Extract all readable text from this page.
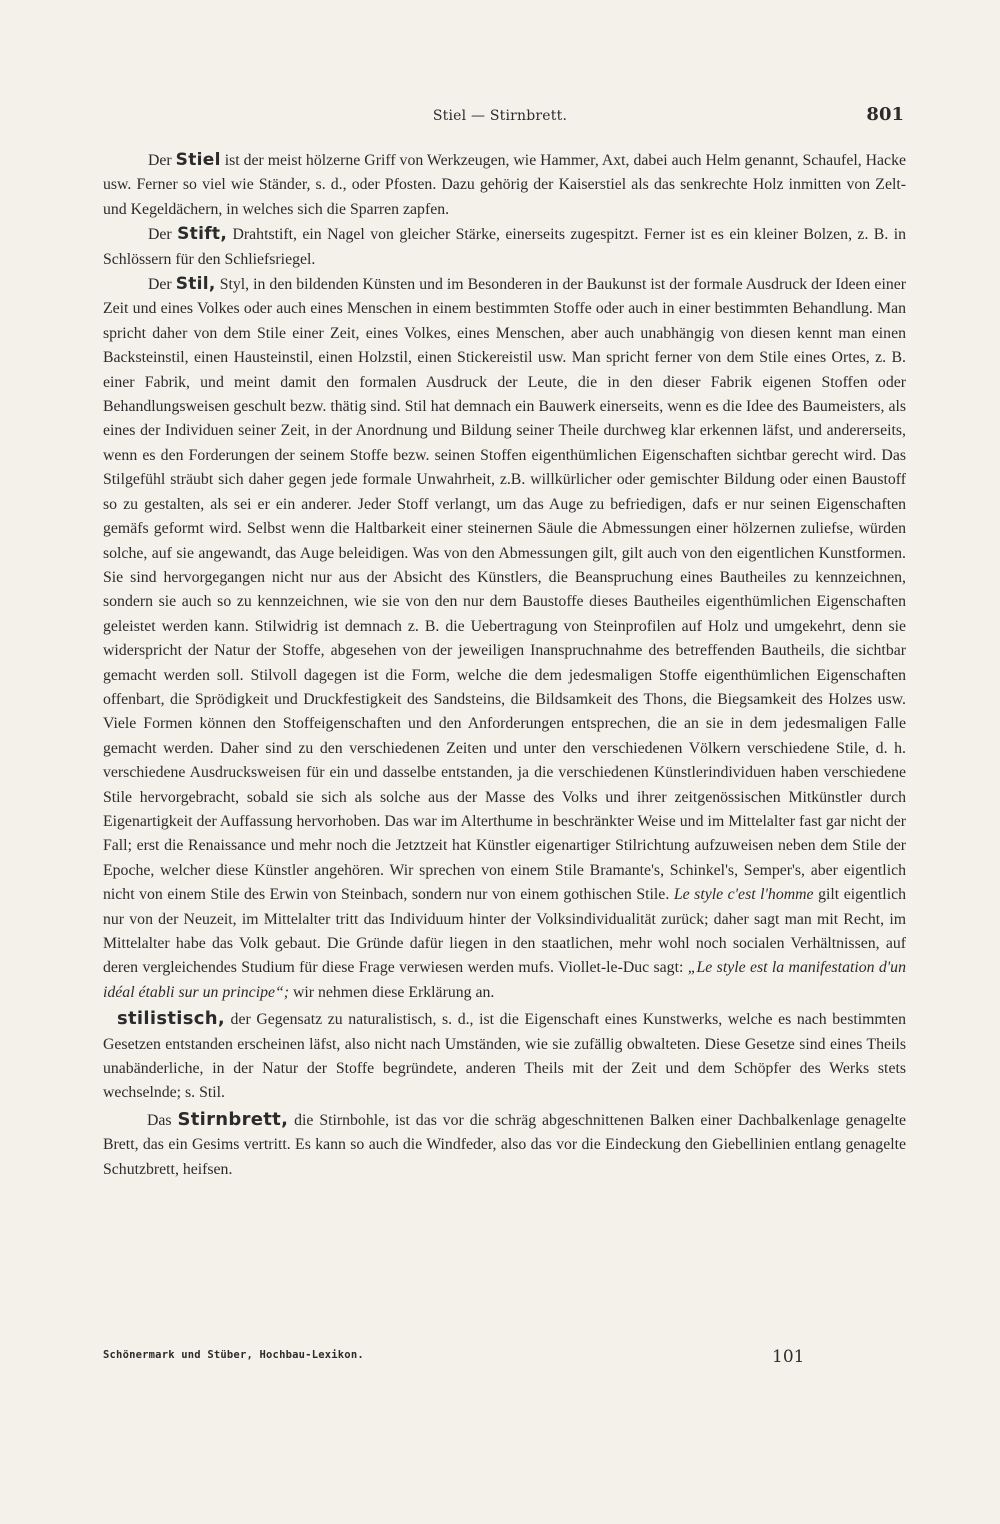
Stiel — Stirnbrett.	801

Der Stiel ist der meist hölzerne Griff von Werkzeugen, wie Hammer, Axt, dabei auch Helm genannt, Schaufel, Hacke usw. Ferner so viel wie Ständer, s. d., oder Pfosten. Dazu gehörig der Kaiserstiel als das senkrechte Holz inmitten von Zelt- und Kegeldächern, in welches sich die Sparren zapfen.

Der Stift, Drahtstift, ein Nagel von gleicher Stärke, einerseits zugespitzt. Ferner ist es ein kleiner Bolzen, z. B. in Schlössern für den Schliefsriegel.

Der Stil, Styl, in den bildenden Künsten und im Besonderen in der Baukunst ist der formale Ausdruck der Ideen einer Zeit und eines Volkes oder auch eines Menschen in einem bestimmten Stoffe oder auch in einer bestimmten Behandlung. Man spricht daher von dem Stile einer Zeit, eines Volkes, eines Menschen, aber auch unabhängig von diesen kennt man einen Backsteinstil, einen Hausteinstil, einen Holzstil, einen Stickereistil usw. Man spricht ferner von dem Stile eines Ortes, z. B. einer Fabrik, und meint damit den formalen Ausdruck der Leute, die in den dieser Fabrik eigenen Stoffen oder Behandlungsweisen geschult bezw. thätig sind. Stil hat demnach ein Bauwerk einerseits, wenn es die Idee des Baumeisters, als eines der Individuen seiner Zeit, in der Anordnung und Bildung seiner Theile durchweg klar erkennen läfst, und andererseits, wenn es den Forderungen der seinem Stoffe bezw. seinen Stoffen eigenthümlichen Eigenschaften sichtbar gerecht wird. Das Stilgefühl sträubt sich daher gegen jede formale Unwahrheit, z.B. willkürlicher oder gemischter Bildung oder einen Baustoff so zu gestalten, als sei er ein anderer. Jeder Stoff verlangt, um das Auge zu befriedigen, dafs er nur seinen Eigenschaften gemäfs geformt wird. Selbst wenn die Haltbarkeit einer steinernen Säule die Abmessungen einer hölzernen zuliefse, würden solche, auf sie angewandt, das Auge beleidigen. Was von den Abmessungen gilt, gilt auch von den eigentlichen Kunstformen. Sie sind hervorgegangen nicht nur aus der Absicht des Künstlers, die Beanspruchung eines Bautheiles zu kennzeichnen, sondern sie auch so zu kennzeichnen, wie sie von den nur dem Baustoffe dieses Bautheiles eigenthümlichen Eigenschaften geleistet werden kann. Stilwidrig ist demnach z. B. die Uebertragung von Steinprofilen auf Holz und umgekehrt, denn sie widerspricht der Natur der Stoffe, abgesehen von der jeweiligen Inanspruchnahme des betreffenden Bautheils, die sichtbar gemacht werden soll. Stilvoll dagegen ist die Form, welche die dem jedesmaligen Stoffe eigenthümlichen Eigenschaften offenbart, die Sprödigkeit und Druckfestigkeit des Sandsteins, die Bildsamkeit des Thons, die Biegsamkeit des Holzes usw. Viele Formen können den Stoffeigenschaften und den Anforderungen entsprechen, die an sie in dem jedesmaligen Falle gemacht werden. Daher sind zu den verschiedenen Zeiten und unter den verschiedenen Völkern verschiedene Stile, d. h. verschiedene Ausdrucksweisen für ein und dasselbe entstanden, ja die verschiedenen Künstlerindividuen haben verschiedene Stile hervorgebracht, sobald sie sich als solche aus der Masse des Volks und ihrer zeitgenössischen Mitkünstler durch Eigenartigkeit der Auffassung hervorhoben. Das war im Alterthume in beschränkter Weise und im Mittelalter fast gar nicht der Fall; erst die Renaissance und mehr noch die Jetztzeit hat Künstler eigenartiger Stilrichtung aufzuweisen neben dem Stile der Epoche, welcher diese Künstler angehören. Wir sprechen von einem Stile Bramante's, Schinkel's, Semper's, aber eigentlich nicht von einem Stile des Erwin von Steinbach, sondern nur von einem gothischen Stile. Le style c'est l'homme gilt eigentlich nur von der Neuzeit, im Mittelalter tritt das Individuum hinter der Volksindividualität zurück; daher sagt man mit Recht, im Mittelalter habe das Volk gebaut. Die Gründe dafür liegen in den staatlichen, mehr wohl noch socialen Verhältnissen, auf deren vergleichendes Studium für diese Frage verwiesen werden mufs. Viollet-le-Duc sagt: „Le style est la manifestation d'un idéal établi sur un principe“; wir nehmen diese Erklärung an.

stilistisch, der Gegensatz zu naturalistisch, s. d., ist die Eigenschaft eines Kunstwerks, welche es nach bestimmten Gesetzen entstanden erscheinen läfst, also nicht nach Umständen, wie sie zufällig obwalteten. Diese Gesetze sind eines Theils unabänderliche, in der Natur der Stoffe begründete, anderen Theils mit der Zeit und dem Schöpfer des Werks stets wechselnde; s. Stil.

Das Stirnbrett, die Stirnbohle, ist das vor die schräg abgeschnittenen Balken einer Dachbalkenlage genagelte Brett, das ein Gesims vertritt. Es kann so auch die Windfeder, also das vor die Eindeckung den Giebellinien entlang genagelte Schutzbrett, heifsen.

Schönermark und Stüber, Hochbau-Lexikon.	101
